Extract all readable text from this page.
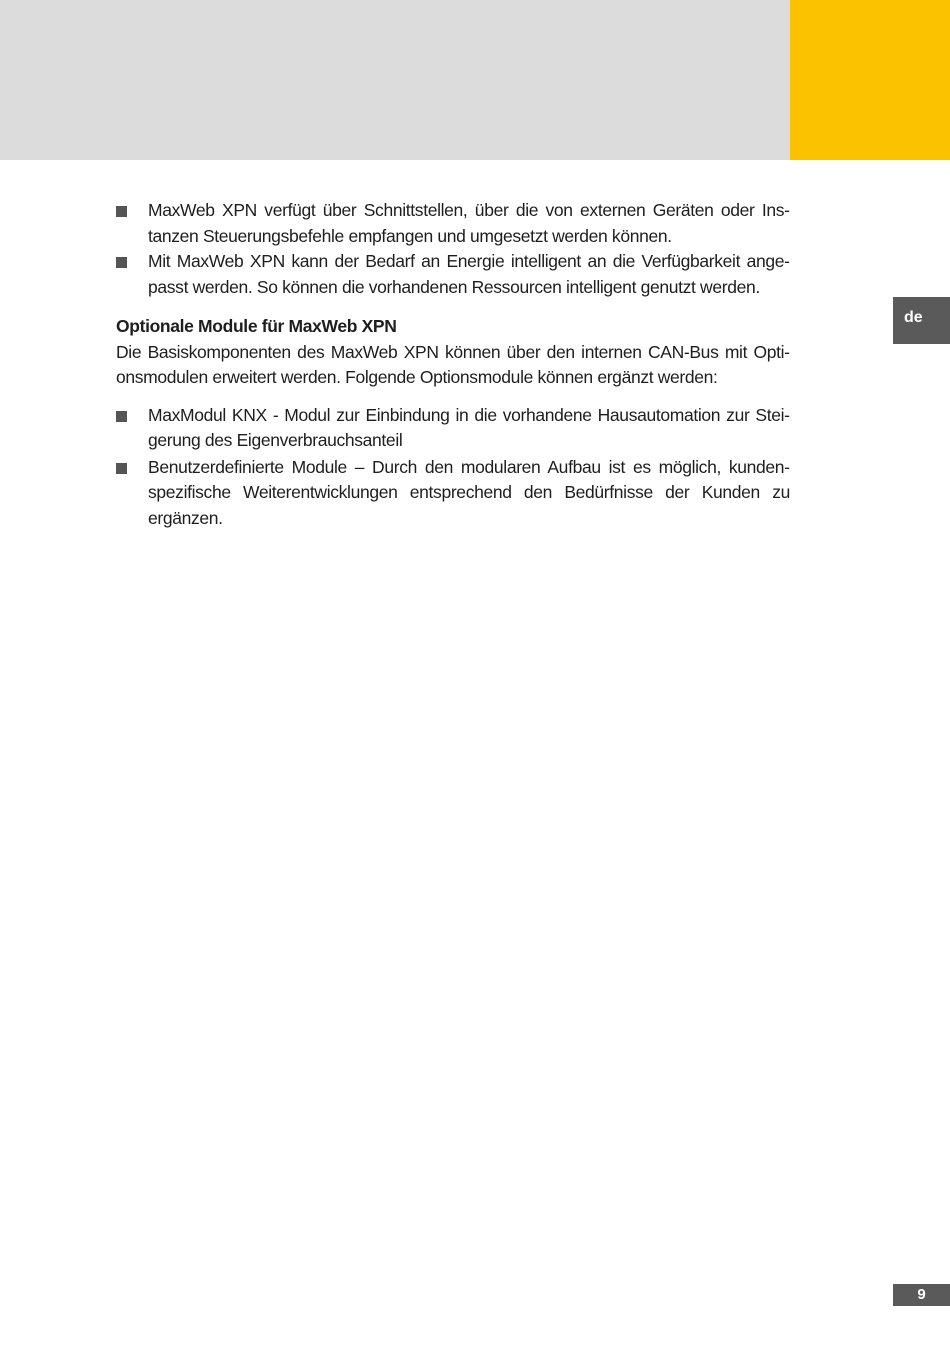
de
MaxWeb XPN verfügt über Schnittstellen, über die von externen Geräten oder Instanzen Steuerungsbefehle empfangen und umgesetzt werden können.
Mit MaxWeb XPN kann der Bedarf an Energie intelligent an die Verfügbarkeit angepasst werden. So können die vorhandenen Ressourcen intelligent genutzt werden.
Optionale Module für MaxWeb XPN
Die Basiskomponenten des MaxWeb XPN können über den internen CAN-Bus mit Optionsmodulen erweitert werden. Folgende Optionsmodule können ergänzt werden:
MaxModul KNX - Modul zur Einbindung in die vorhandene Hausautomation zur Steigerung des Eigenverbrauchsanteil
Benutzerdefinierte Module – Durch den modularen Aufbau ist es möglich, kundenspezifische Weiterentwicklungen entsprechend den Bedürfnisse der Kunden zu ergänzen.
9
